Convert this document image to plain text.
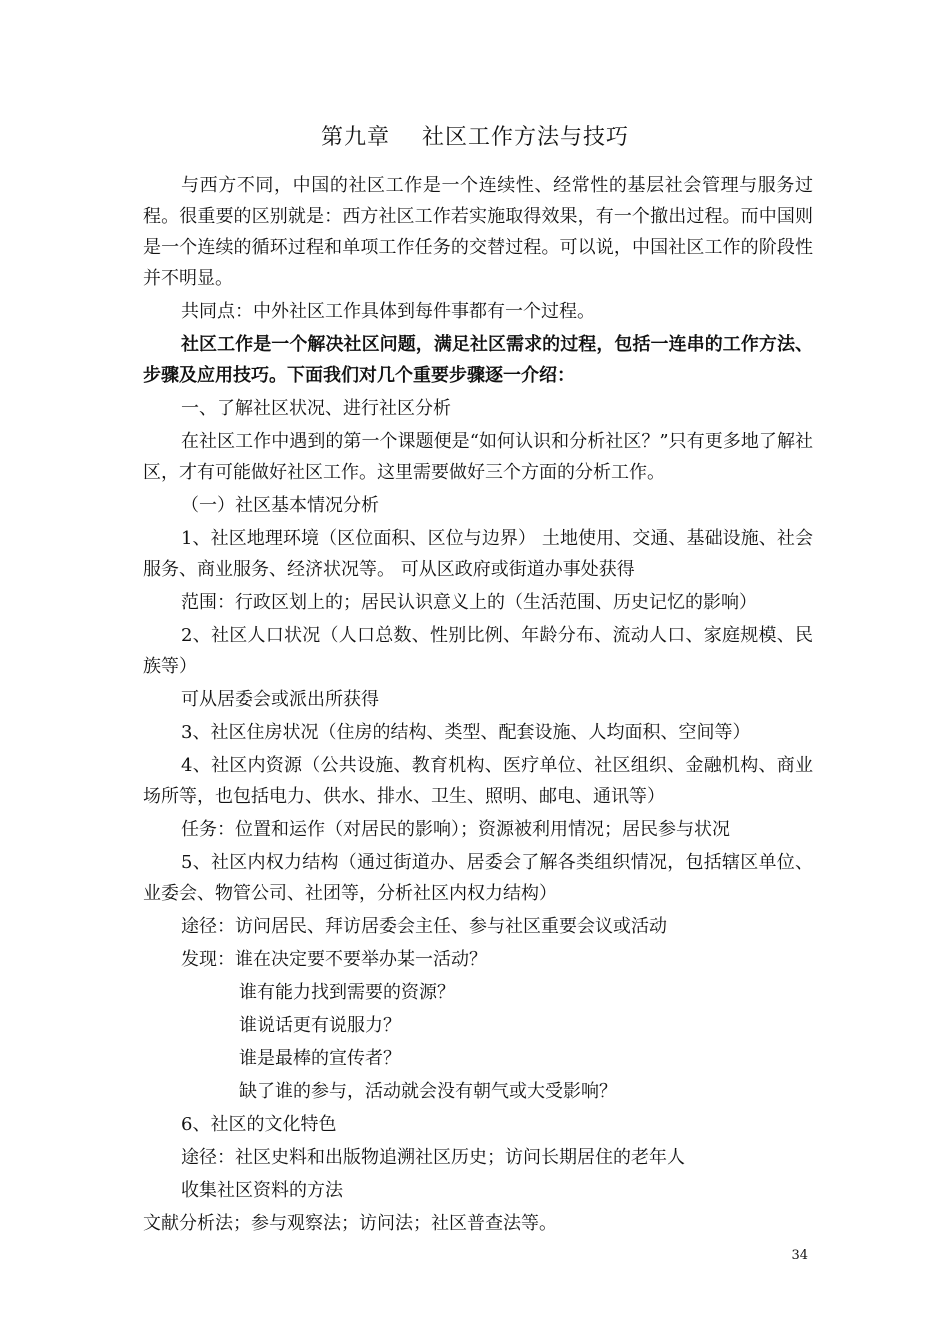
第九章    社区工作方法与技巧

与西方不同，中国的社区工作是一个连续性、经常性的基层社会管理与服务过程。很重要的区别就是：西方社区工作若实施取得效果，有一个撤出过程。而中国则是一个连续的循环过程和单项工作任务的交替过程。可以说，中国社区工作的阶段性并不明显。

共同点：中外社区工作具体到每件事都有一个过程。

社区工作是一个解决社区问题，满足社区需求的过程，包括一连串的工作方法、步骤及应用技巧。下面我们对几个重要步骤逐一介绍：

一、了解社区状况、进行社区分析

在社区工作中遇到的第一个课题便是“如何认识和分析社区？”只有更多地了解社区，才有可能做好社区工作。这里需要做好三个方面的分析工作。

（一）社区基本情况分析

1、社区地理环境（区位面积、区位与边界） 土地使用、交通、基础设施、社会服务、商业服务、经济状况等。 可从区政府或街道办事处获得

范围：行政区划上的；居民认识意义上的（生活范围、历史记忆的影响）

2、社区人口状况（人口总数、性别比例、年龄分布、流动人口、家庭规模、民族等）

可从居委会或派出所获得

3、社区住房状况（住房的结构、类型、配套设施、人均面积、空间等）

4、社区内资源（公共设施、教育机构、医疗单位、社区组织、金融机构、商业场所等，也包括电力、供水、排水、卫生、照明、邮电、通讯等）

任务：位置和运作（对居民的影响）；资源被利用情况；居民参与状况

5、社区内权力结构（通过街道办、居委会了解各类组织情况，包括辖区单位、业委会、物管公司、社团等，分析社区内权力结构）

途径：访问居民、拜访居委会主任、参与社区重要会议或活动

发现：谁在决定要不要举办某一活动？

谁有能力找到需要的资源？

谁说话更有说服力？

谁是最棒的宣传者？

缺了谁的参与，活动就会没有朝气或大受影响？

6、社区的文化特色

途径：社区史料和出版物追溯社区历史；访问长期居住的老年人

收集社区资料的方法

文献分析法；参与观察法；访问法；社区普查法等。

34
